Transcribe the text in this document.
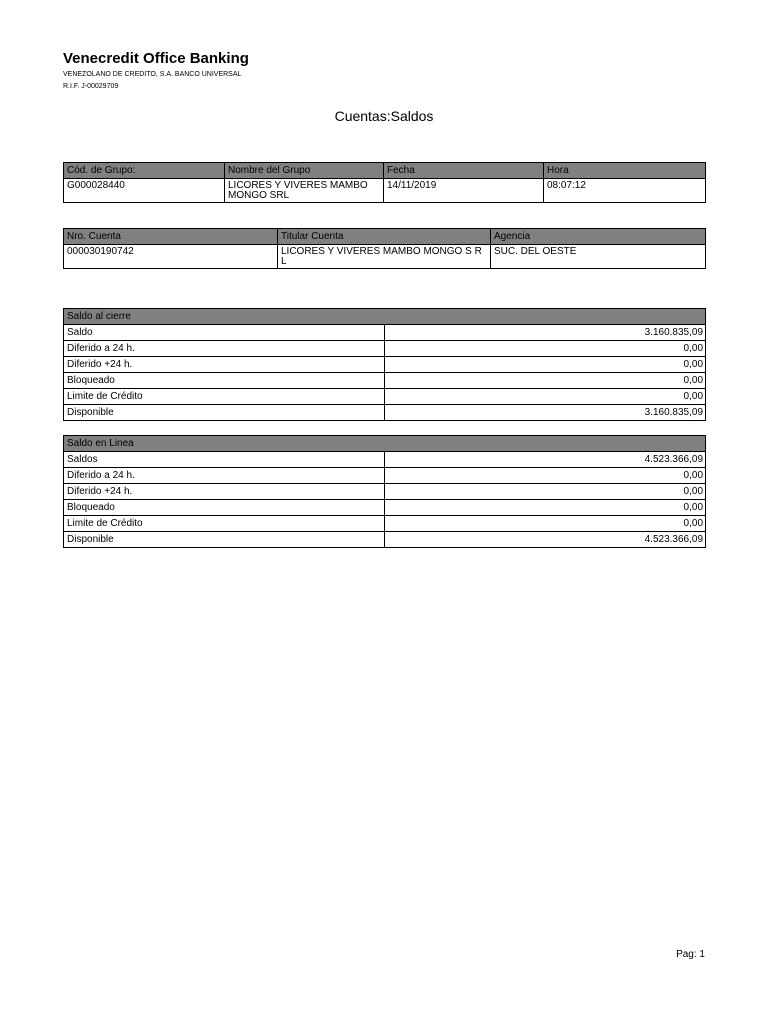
Venecredit Office Banking
VENEZOLANO DE CREDITO, S.A. BANCO UNIVERSAL
R.I.F. J-00029709
Cuentas:Saldos
Cód. de Grupo:	Nombre del Grupo	Fecha	Hora
G000028440	LICORES Y VIVERES MAMBO MONGO SRL	14/11/2019	08:07:12
Nro. Cuenta	Titular Cuenta	Agencia
000030190742	LICORES Y VIVERES MAMBO MONGO S R L	SUC. DEL OESTE
Saldo al cierre	
Saldo	3.160.835,09
Diferido a 24 h.	0,00
Diferido +24 h.	0,00
Bloqueado	0,00
Limite de Crédito	0,00
Disponible	3.160.835,09
Saldo en Linea	
Saldos	4.523.366,09
Diferido a 24 h.	0,00
Diferido +24 h.	0,00
Bloqueado	0,00
Limite de Crédito	0,00
Disponible	4.523.366,09
Pag: 1
